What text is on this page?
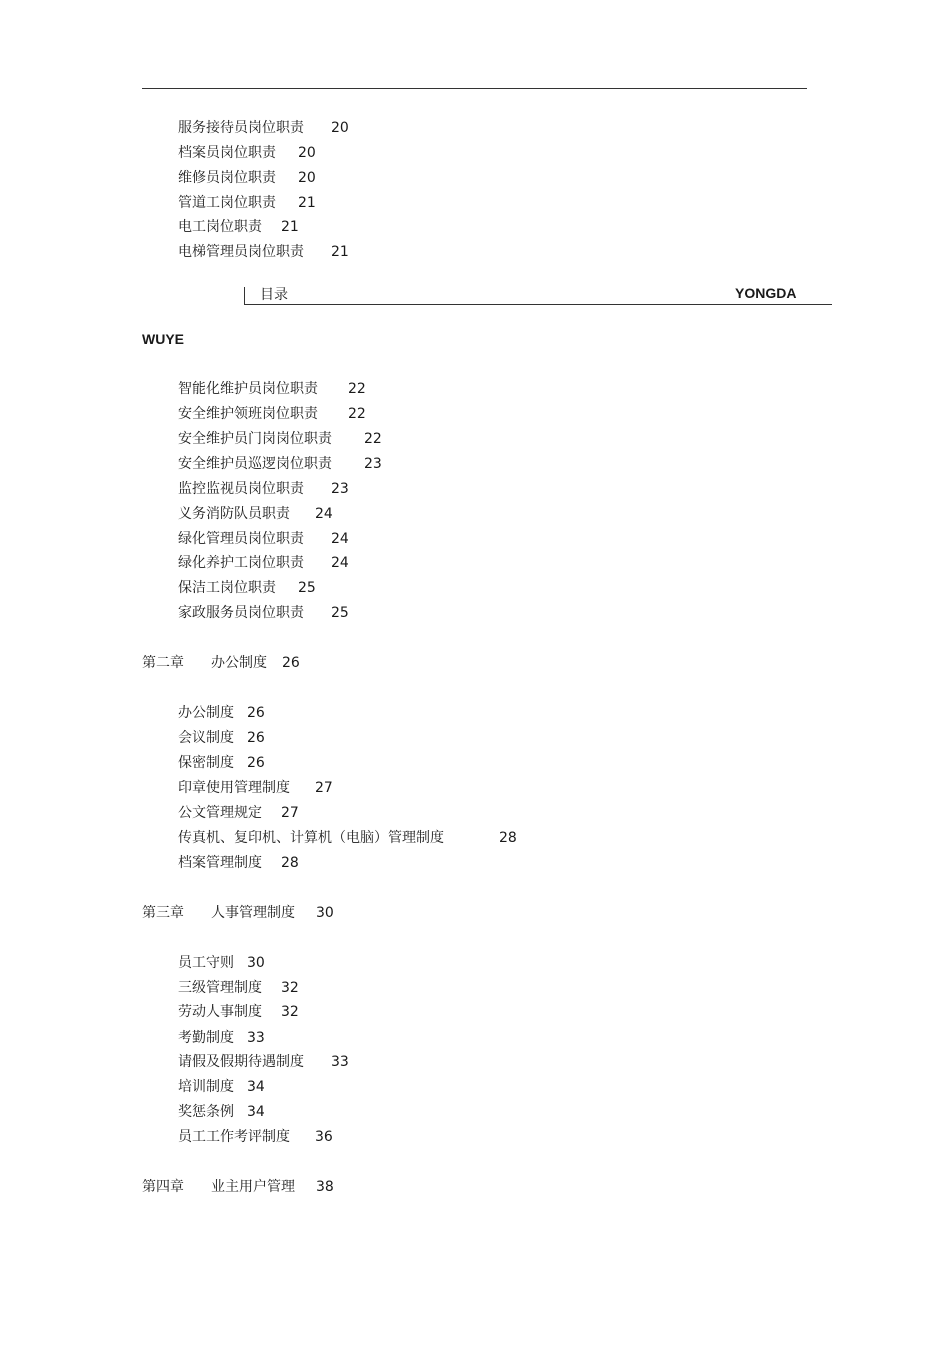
服务接待员岗位职责 20
档案员岗位职责 20
维修员岗位职责 20
管道工岗位职责 21
电工岗位职责 21
电梯管理员岗位职责 21
目录	YONGDA
WUYE
智能化维护员岗位职责 22
安全维护领班岗位职责 22
安全维护员门岗岗位职责 22
安全维护员巡逻岗位职责 23
监控监视员岗位职责 23
义务消防队员职责 24
绿化管理员岗位职责 24
绿化养护工岗位职责 24
保洁工岗位职责 25
家政服务员岗位职责 25
第二章 办公制度 26
办公制度 26
会议制度 26
保密制度 26
印章使用管理制度 27
公文管理规定 27
传真机、复印机、计算机（电脑）管理制度	28
档案管理制度 28
第三章 人事管理制度 30
员工守则 30
三级管理制度 32
劳动人事制度 32
考勤制度 33
请假及假期待遇制度 33
培训制度 34
奖惩条例 34
员工工作考评制度 36
第四章 业主用户管理 38
